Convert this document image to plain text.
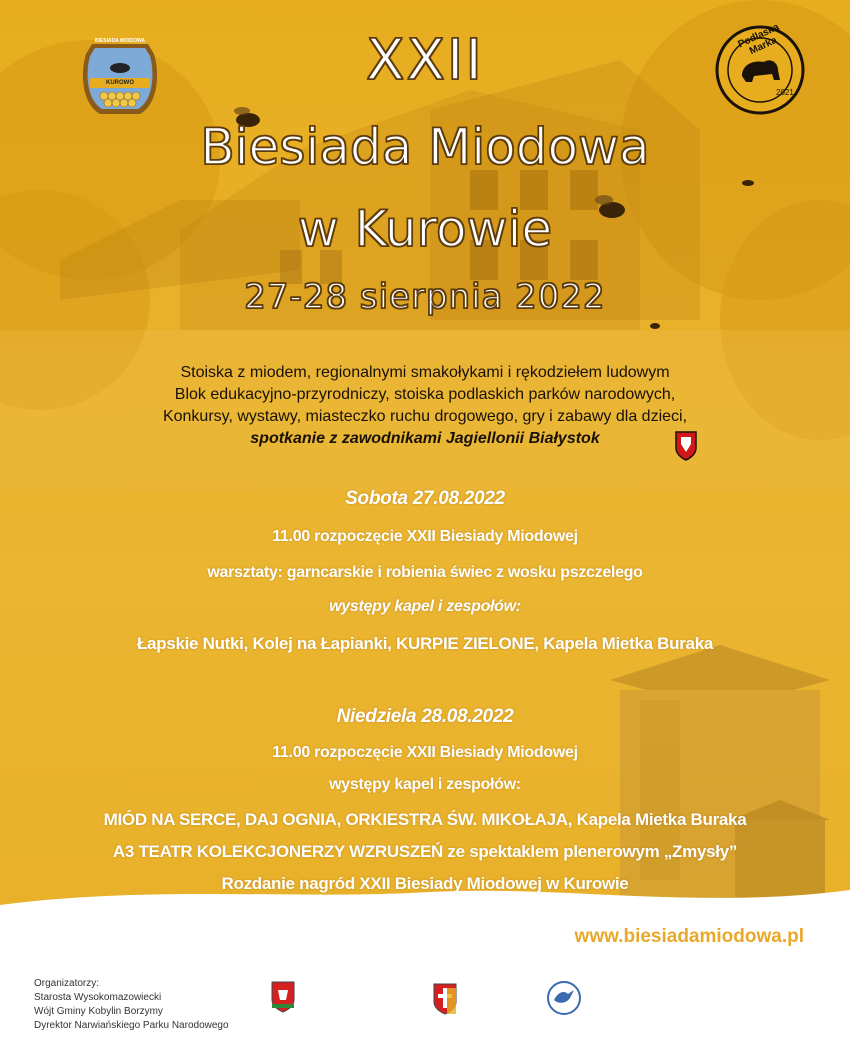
BIESIADA MIODOWA
KUROWO
Podlaska Marka
2021
XXII
Biesiada Miodowa
w Kurowie
27-28 sierpnia 2022
Stoiska z miodem, regionalnymi smakołykami i rękodziełem ludowym
Blok edukacyjno-przyrodniczy, stoiska podlaskich parków narodowych,
Konkursy, wystawy, miasteczko ruchu drogowego, gry i zabawy dla dzieci,
spotkanie z zawodnikami Jagiellonii Białystok
Sobota 27.08.2022
11.00 rozpoczęcie XXII Biesiady Miodowej
warsztaty: garncarskie i robienia świec z wosku pszczelego
występy kapel i zespołów:
Łapskie Nutki, Kolej na Łapianki, KURPIE ZIELONE, Kapela Mietka Buraka
Niedziela 28.08.2022
11.00 rozpoczęcie XXII Biesiady Miodowej
występy kapel i zespołów:
MIÓD NA SERCE, DAJ OGNIA, ORKIESTRA ŚW. MIKOŁAJA, Kapela Mietka Buraka
A3 TEATR KOLEKCJONERZY WZRUSZEŃ ze spektaklem plenerowym „Zmysły”
Rozdanie nagród XXII Biesiady Miodowej w Kurowie
www.biesiadamiodowa.pl
Organizatorzy:
Starosta Wysokomazowiecki
Wójt Gminy Kobylin Borzymy
Dyrektor Narwiańskiego Parku Narodowego
